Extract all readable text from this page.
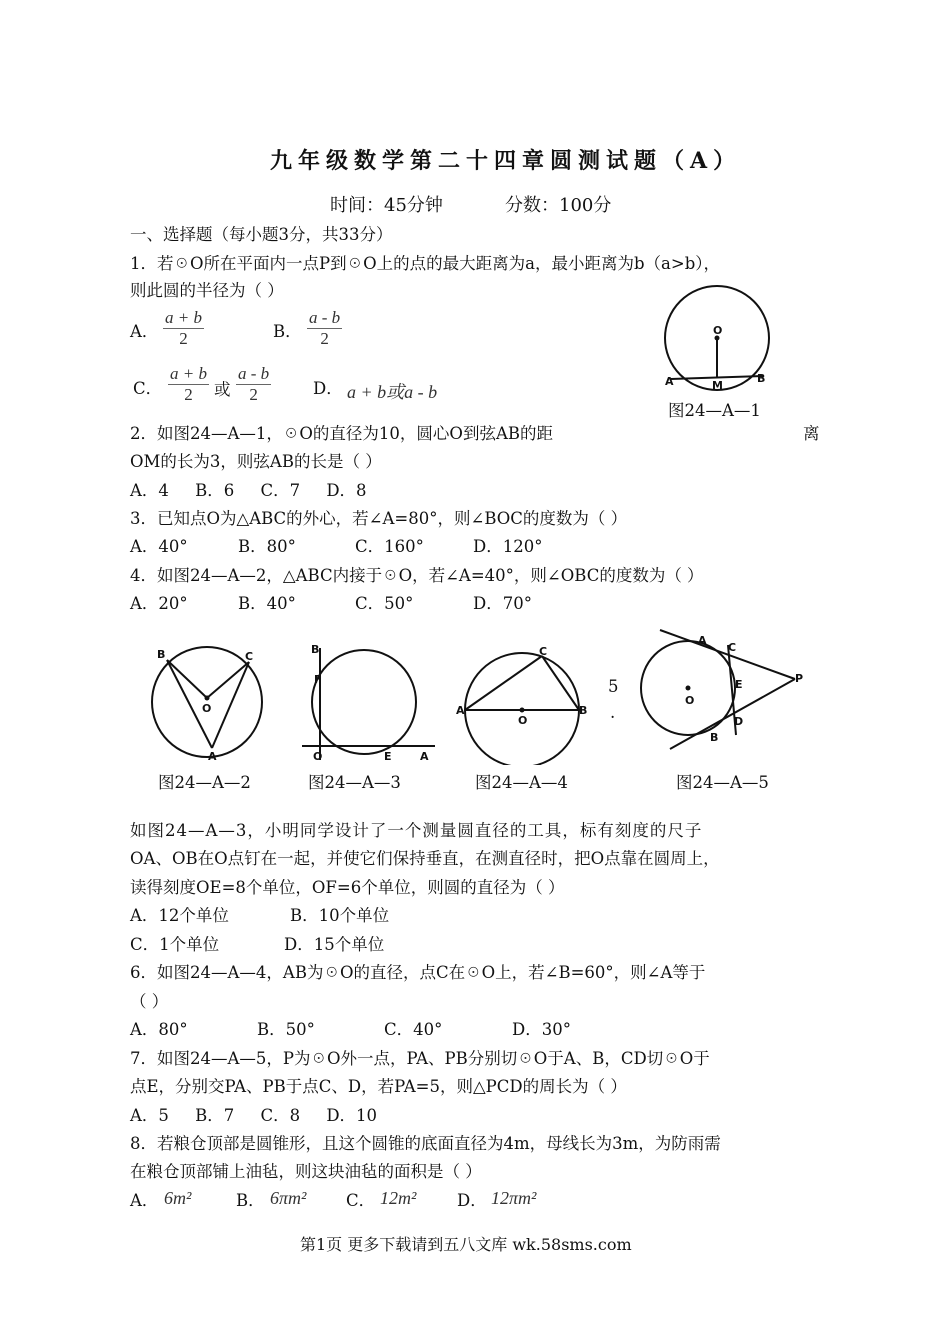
九年级数学第二十四章圆测试题（A）
时间：45分钟	分数：100分
一、选择题（每小题3分，共33分）
1．若☉O所在平面内一点P到☉O上的点的最大距离为a，最小距离为b（a>b），
则此圆的半径为（ ）
A．
a + b
2	B．
a - b
2
C．
a + b
2	或
a - b
2	D． a + b或a - b
O
A	M
B
图24—A—1
2．如图24—A—1，☉O的直径为10，圆心O到弦AB的距	离
OM的长为3，则弦AB的长是（ ）
A．4     B．6     C．7     D．8
3．已知点O为△ABC的外心，若∠A=80°，则∠BOC的度数为（ ）
A．40°	B．80°	C．160°	D．120°
4．如图24—A—2，△ABC内接于☉O，若∠A=40°，则∠OBC的度数为（ ）
A．20°	B．40°	C．50°	D．70°
B	C
O
A
B
F
O	E	A
C
A
O
B
5
.
A
C
E	P
O
D
B
图24—A—2	图24—A—3	图24—A—4	图24—A—5
如图24—A—3，小明同学设计了一个测量圆直径的工具，标有刻度的尺子
OA、OB在O点钉在一起，并使它们保持垂直，在测直径时，把O点靠在圆周上，
读得刻度OE=8个单位，OF=6个单位，则圆的直径为（ ）
A．12个单位	B．10个单位
C．1个单位	D．15个单位
6．如图24—A—4，AB为☉O的直径，点C在☉O上，若∠B=60°，则∠A等于
（ ）
A．80°	B．50°	C．40°	D．30°
7．如图24—A—5，P为☉O外一点，PA、PB分别切☉O于A、B，CD切☉O于
点E，分别交PA、PB于点C、D，若PA=5，则△PCD的周长为（ ）
A．5     B．7     C．8     D．10
8．若粮仓顶部是圆锥形，且这个圆锥的底面直径为4m，母线长为3m，为防雨需
在粮仓顶部铺上油毡，则这块油毡的面积是（ ）
A． 6m²	B． 6πm² C． 12m² D． 12πm²
第1页 更多下载请到五八文库 wk.58sms.com
